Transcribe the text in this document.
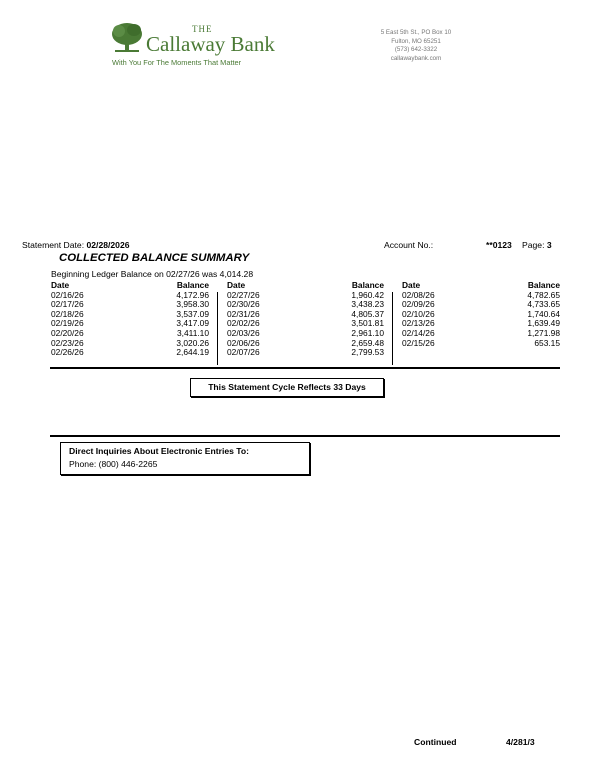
THE
Callaway Bank
With You For The Moments That Matter
5 East 5th St., PO Box 10
Fulton, MO 65251
(573) 642-3322
callawaybank.com
Statement Date: 02/28/2026	Account No.:	**0123 Page: 3
COLLECTED BALANCE SUMMARY
Beginning Ledger Balance on 02/27/26 was 4,014.28
Date	Balance
02/16/26	4,172.96
02/17/26	3,958.30
02/18/26	3,537.09
02/19/26	3,417.09
02/20/26	3,411.10
02/23/26	3,020.26
02/26/26	2,644.19
Date	Balance
02/27/26	1,960.42
02/30/26	3,438.23
02/31/26	4,805.37
02/02/26	3,501.81
02/03/26	2,961.10
02/06/26	2,659.48
02/07/26	2,799.53
Date	Balance
02/08/26	4,782.65
02/09/26	4,733.65
02/10/26	1,740.64
02/13/26	1,639.49
02/14/26	1,271.98
02/15/26	653.15
This Statement Cycle Reflects 33 Days
Direct Inquiries About Electronic Entries To:
Phone: (800) 446-2265
Continued	4/281/3
